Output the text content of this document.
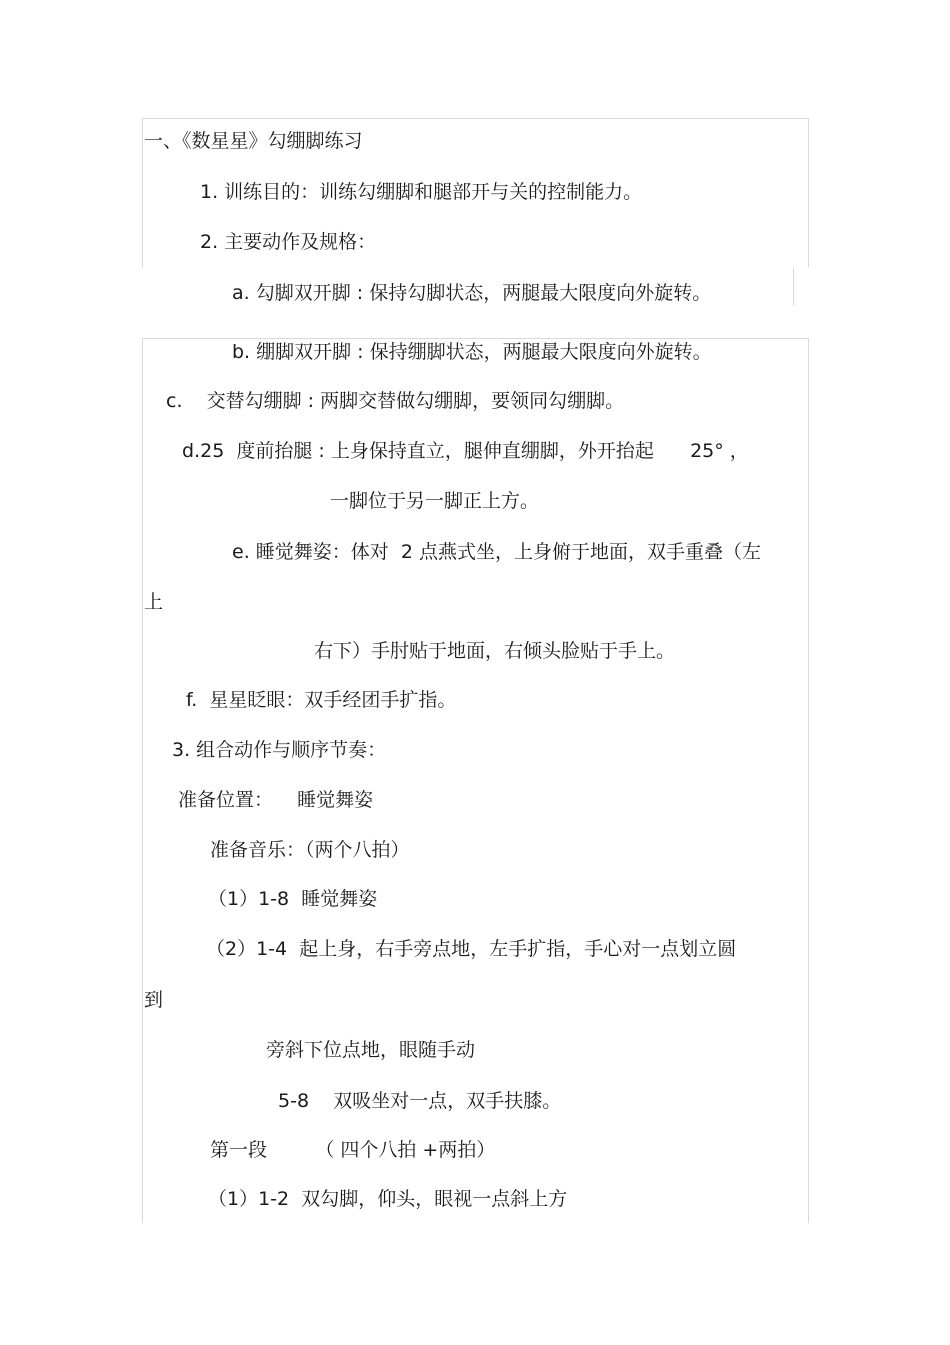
一、《数星星》勾绷脚练习
1. 训练目的：训练勾绷脚和腿部开与关的控制能力。
2. 主要动作及规格：
a. 勾脚双开脚 : 保持勾脚状态，两腿最大限度向外旋转。
b. 绷脚双开脚 : 保持绷脚状态，两腿最大限度向外旋转。
c.    交替勾绷脚 : 两脚交替做勾绷脚，要领同勾绷脚。
d.25  度前抬腿 : 上身保持直立，腿伸直绷脚，外开抬起      25° ，
一脚位于另一脚正上方。
e. 睡觉舞姿：体对  2 点燕式坐，上身俯于地面，双手重叠（左
上
右下）手肘贴于地面，右倾头脸贴于手上。
f.  星星眨眼：双手经团手扩指。
3. 组合动作与顺序节奏：
准备位置：    睡觉舞姿
准备音乐：（两个八拍）
（1）1-8  睡觉舞姿
（2）1-4  起上身，右手旁点地，左手扩指，手心对一点划立圆
到
旁斜下位点地，眼随手动
5-8    双吸坐对一点，双手扶膝。
第一段        （ 四个八拍 +两拍）
（1）1-2  双勾脚，仰头，眼视一点斜上方
